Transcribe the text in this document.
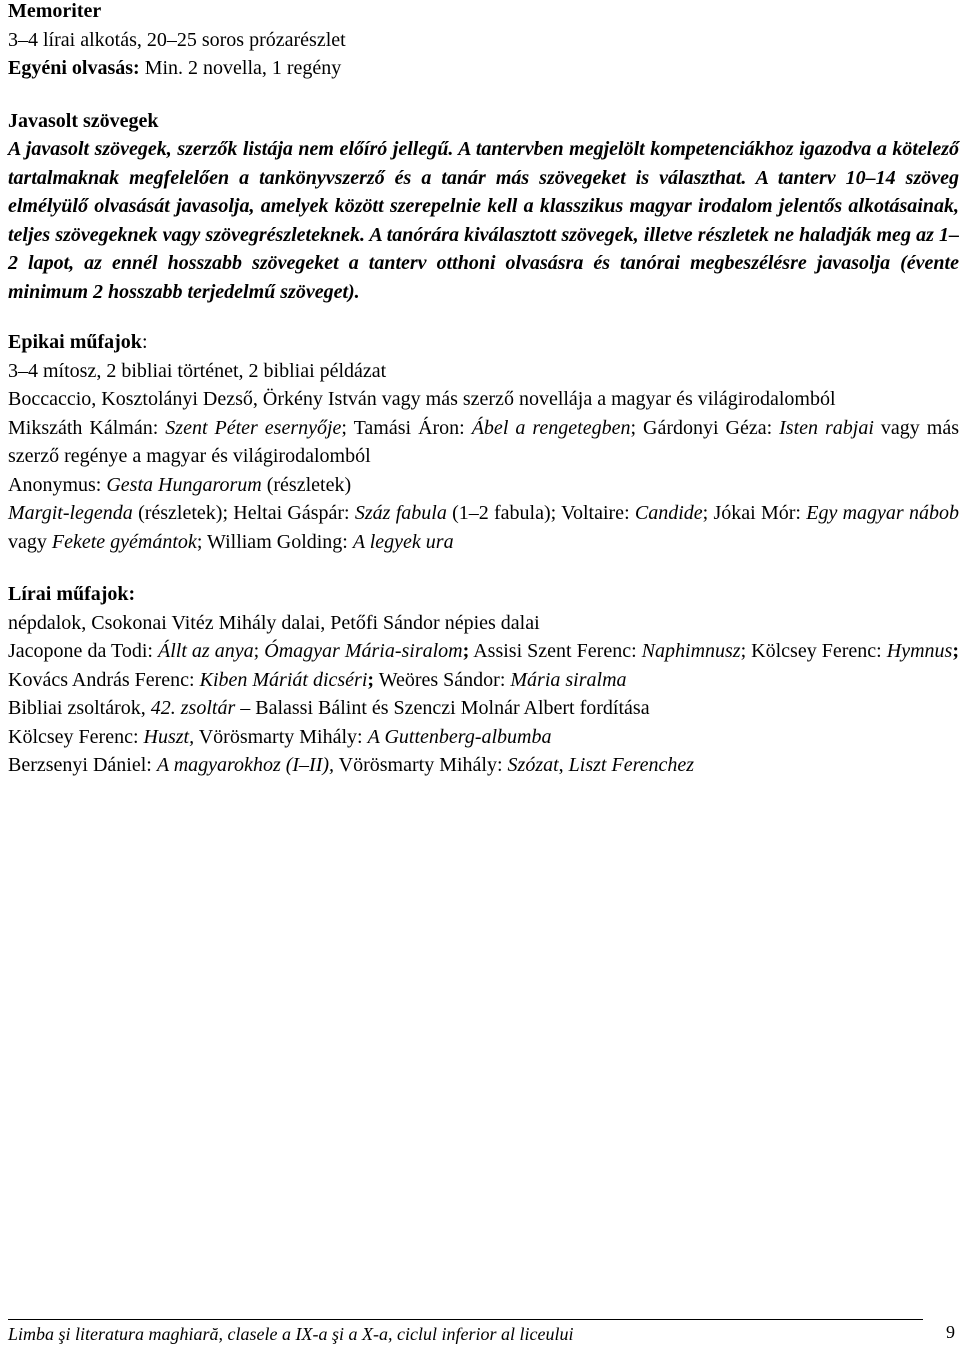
Memoriter

3–4 lírai alkotás, 20–25 soros prózarészlet

Egyéni olvasás: Min. 2 novella, 1 regény

Javasolt szövegek

A javasolt szövegek, szerzők listája nem előíró jellegű. A tantervben megjelölt kompetenciákhoz igazodva a kötelező tartalmaknak megfelelően a tankönyvszerző és a tanár más szövegeket is választhat. A tanterv 10–14 szöveg elmélyülő olvasását javasolja, amelyek között szerepelnie kell a klasszikus magyar irodalom jelentős alkotásainak, teljes szövegeknek vagy szövegrészleteknek. A tanórára kiválasztott szövegek, illetve részletek ne haladják meg az 1–2 lapot, az ennél hosszabb szövegeket a tanterv otthoni olvasásra és tanórai megbeszélésre javasolja (évente minimum 2 hosszabb terjedelmű szöveget).

Epikai műfajok:

3–4 mítosz, 2 bibliai történet, 2 bibliai példázat

Boccaccio, Kosztolányi Dezső, Örkény István vagy más szerző novellája a magyar és világirodalomból

Mikszáth Kálmán: Szent Péter esernyője; Tamási Áron: Ábel a rengetegben; Gárdonyi Géza: Isten rabjai vagy más szerző regénye a magyar és világirodalomból

Anonymus: Gesta Hungarorum (részletek)

Margit-legenda (részletek); Heltai Gáspár: Száz fabula (1–2 fabula); Voltaire: Candide; Jókai Mór: Egy magyar nábob vagy Fekete gyémántok; William Golding: A legyek ura

Lírai műfajok:

népdalok, Csokonai Vitéz Mihály dalai, Petőfi Sándor népies dalai

Jacopone da Todi: Állt az anya; Ómagyar Mária-siralom; Assisi Szent Ferenc: Naphimnusz; Kölcsey Ferenc: Hymnus; Kovács András Ferenc: Kiben Máriát dicséri; Weöres Sándor: Mária siralma

Bibliai zsoltárok, 42. zsoltár – Balassi Bálint és Szenczi Molnár Albert fordítása

Kölcsey Ferenc: Huszt, Vörösmarty Mihály: A Guttenberg-albumba

Berzsenyi Dániel: A magyarokhoz (I–II), Vörösmarty Mihály: Szózat, Liszt Ferenchez

Limba şi literatura maghiară, clasele a IX-a şi a X-a, ciclul inferior al liceului	9
